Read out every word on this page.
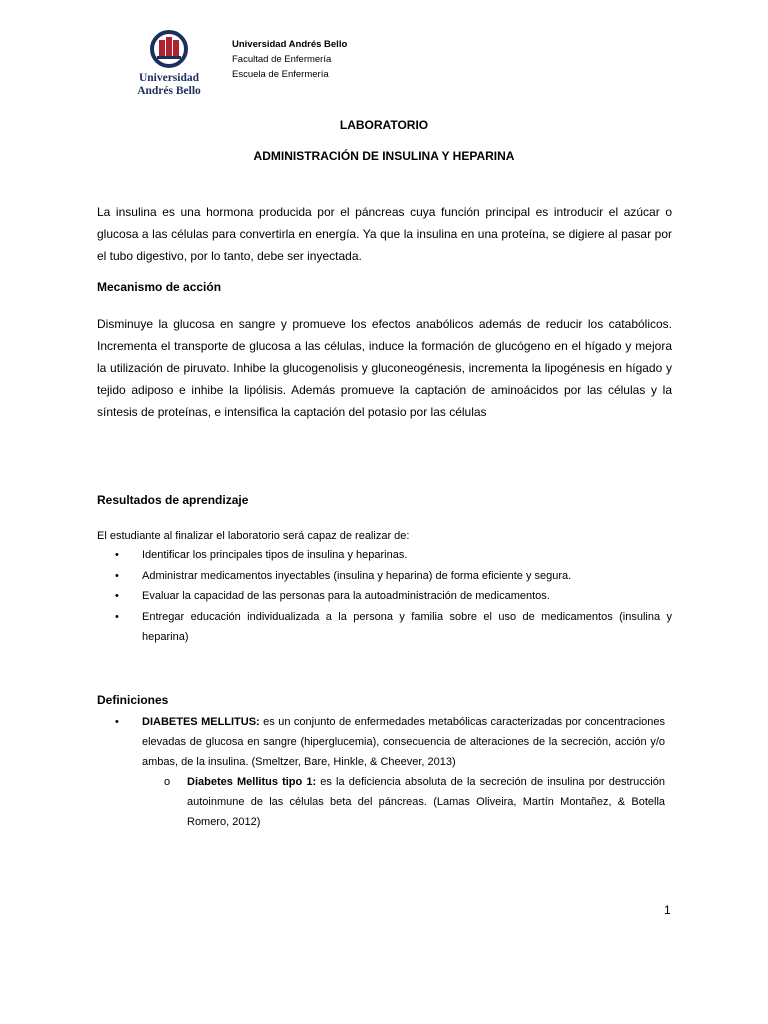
Universidad
Andrés Bello
Universidad Andrés Bello
Facultad de Enfermería
Escuela de Enfermería
LABORATORIO
ADMINISTRACIÓN DE INSULINA Y HEPARINA
La insulina es una hormona producida por el páncreas cuya función principal es introducir el azúcar o glucosa a las células para convertirla en energía. Ya que la insulina en una proteína, se digiere al pasar por el tubo digestivo, por lo tanto, debe ser inyectada.
Mecanismo de acción
Disminuye la glucosa en sangre y promueve los efectos anabólicos además de reducir los catabólicos. Incrementa el transporte de glucosa a las células, induce la formación de glucógeno en el hígado y mejora la utilización de piruvato. Inhibe la glucogenolisis y gluconeogénesis, incrementa la lipogénesis en hígado y tejido adiposo e inhibe la lipólisis. Además promueve la captación de aminoácidos por las células y la síntesis de proteínas, e intensifica la captación del potasio por las células
Resultados de aprendizaje
El estudiante al finalizar el laboratorio será capaz de realizar de:
• Identificar los principales tipos de insulina y heparinas.
• Administrar medicamentos inyectables (insulina y heparina) de forma eficiente y segura.
• Evaluar la capacidad de las personas para la autoadministración de medicamentos.
• Entregar educación individualizada a la persona y familia sobre el uso de medicamentos (insulina y heparina)
Definiciones
• DIABETES MELLITUS: es un conjunto de enfermedades metabólicas caracterizadas por concentraciones elevadas de glucosa en sangre (hiperglucemia), consecuencia de alteraciones de la secreción, acción y/o ambas, de la insulina. (Smeltzer, Bare, Hinkle, & Cheever, 2013)
o Diabetes Mellitus tipo 1: es la deficiencia absoluta de la secreción de insulina por destrucción autoinmune de las células beta del páncreas. (Lamas Oliveira, Martín Montañez, & Botella Romero, 2012)
1
